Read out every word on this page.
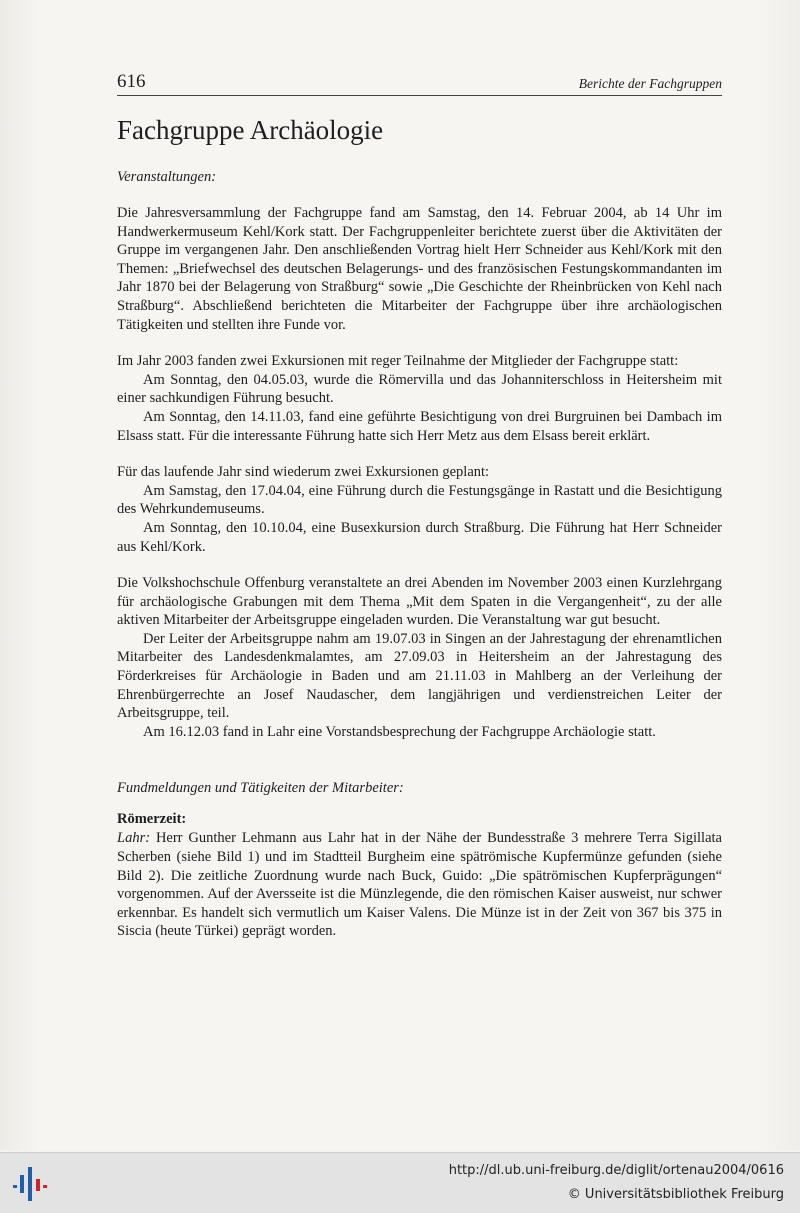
616	Berichte der Fachgruppen
Fachgruppe Archäologie
Veranstaltungen:

Die Jahresversammlung der Fachgruppe fand am Samstag, den 14. Februar 2004, ab 14 Uhr im Handwerkermuseum Kehl/Kork statt. Der Fachgruppenleiter berichtete zuerst über die Aktivitäten der Gruppe im vergangenen Jahr. Den anschließenden Vortrag hielt Herr Schneider aus Kehl/Kork mit den Themen: „Briefwechsel des deutschen Belagerungs- und des französischen Festungskommandanten im Jahr 1870 bei der Belagerung von Straßburg“ sowie „Die Geschichte der Rheinbrücken von Kehl nach Straßburg“. Abschließend berichteten die Mitarbeiter der Fachgruppe über ihre archäologischen Tätigkeiten und stellten ihre Funde vor.

Im Jahr 2003 fanden zwei Exkursionen mit reger Teilnahme der Mitglieder der Fachgruppe statt:

Am Sonntag, den 04.05.03, wurde die Römervilla und das Johanniterschloss in Heitersheim mit einer sachkundigen Führung besucht.

Am Sonntag, den 14.11.03, fand eine geführte Besichtigung von drei Burgruinen bei Dambach im Elsass statt. Für die interessante Führung hatte sich Herr Metz aus dem Elsass bereit erklärt.

Für das laufende Jahr sind wiederum zwei Exkursionen geplant:

Am Samstag, den 17.04.04, eine Führung durch die Festungsgänge in Rastatt und die Besichtigung des Wehrkundemuseums.

Am Sonntag, den 10.10.04, eine Busexkursion durch Straßburg. Die Führung hat Herr Schneider aus Kehl/Kork.

Die Volkshochschule Offenburg veranstaltete an drei Abenden im November 2003 einen Kurzlehrgang für archäologische Grabungen mit dem Thema „Mit dem Spaten in die Vergangenheit“, zu der alle aktiven Mitarbeiter der Arbeitsgruppe eingeladen wurden. Die Veranstaltung war gut besucht.

Der Leiter der Arbeitsgruppe nahm am 19.07.03 in Singen an der Jahrestagung der ehrenamtlichen Mitarbeiter des Landesdenkmalamtes, am 27.09.03 in Heitersheim an der Jahrestagung des Förderkreises für Archäologie in Baden und am 21.11.03 in Mahlberg an der Verleihung der Ehrenbürgerrechte an Josef Naudascher, dem langjährigen und verdienstreichen Leiter der Arbeitsgruppe, teil.

Am 16.12.03 fand in Lahr eine Vorstandsbesprechung der Fachgruppe Archäologie statt.

Fundmeldungen und Tätigkeiten der Mitarbeiter:
Römerzeit:

Lahr: Herr Gunther Lehmann aus Lahr hat in der Nähe der Bundesstraße 3 mehrere Terra Sigillata Scherben (siehe Bild 1) und im Stadtteil Burgheim eine spätrömische Kupfermünze gefunden (siehe Bild 2). Die zeitliche Zuordnung wurde nach Buck, Guido: „Die spätrömischen Kupferprägungen“ vorgenommen. Auf der Aversseite ist die Münzlegende, die den römischen Kaiser ausweist, nur schwer erkennbar. Es handelt sich vermutlich um Kaiser Valens. Die Münze ist in der Zeit von 367 bis 375 in Siscia (heute Türkei) geprägt worden.

http://dl.ub.uni-freiburg.de/diglit/ortenau2004/0616
© Universitätsbibliothek Freiburg
